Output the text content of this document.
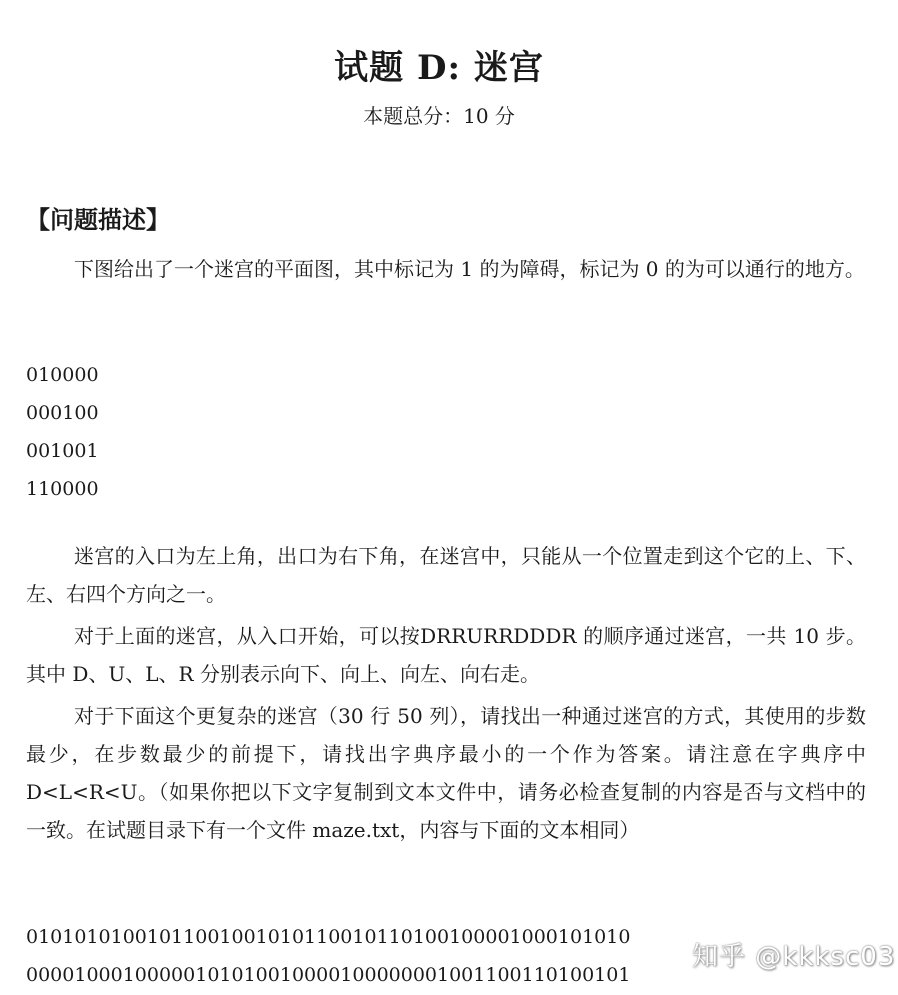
试题 D: 迷宫
本题总分：10 分
【问题描述】

下图给出了一个迷宫的平面图，其中标记为 1 的为障碍，标记为 0 的为可以通行的地方。

010000
000100
001001
110000

迷宫的入口为左上角，出口为右下角，在迷宫中，只能从一个位置走到这个它的上、下、左、右四个方向之一。

对于上面的迷宫，从入口开始，可以按DRRURRDDDR 的顺序通过迷宫，一共 10 步。其中 D、U、L、R 分别表示向下、向上、向左、向右走。

对于下面这个更复杂的迷宫（30 行 50 列），请找出一种通过迷宫的方式，其使用的步数最少，在步数最少的前提下，请找出字典序最小的一个作为答案。请注意在字典序中D<L<R<U。（如果你把以下文字复制到文本文件中，请务必检查复制的内容是否与文档中的一致。在试题目录下有一个文件 maze.txt，内容与下面的文本相同）

01010101001011001001010110010110100100001000101010
00001000100000101010010000100000001001100110100101
知乎 @kkksc03
